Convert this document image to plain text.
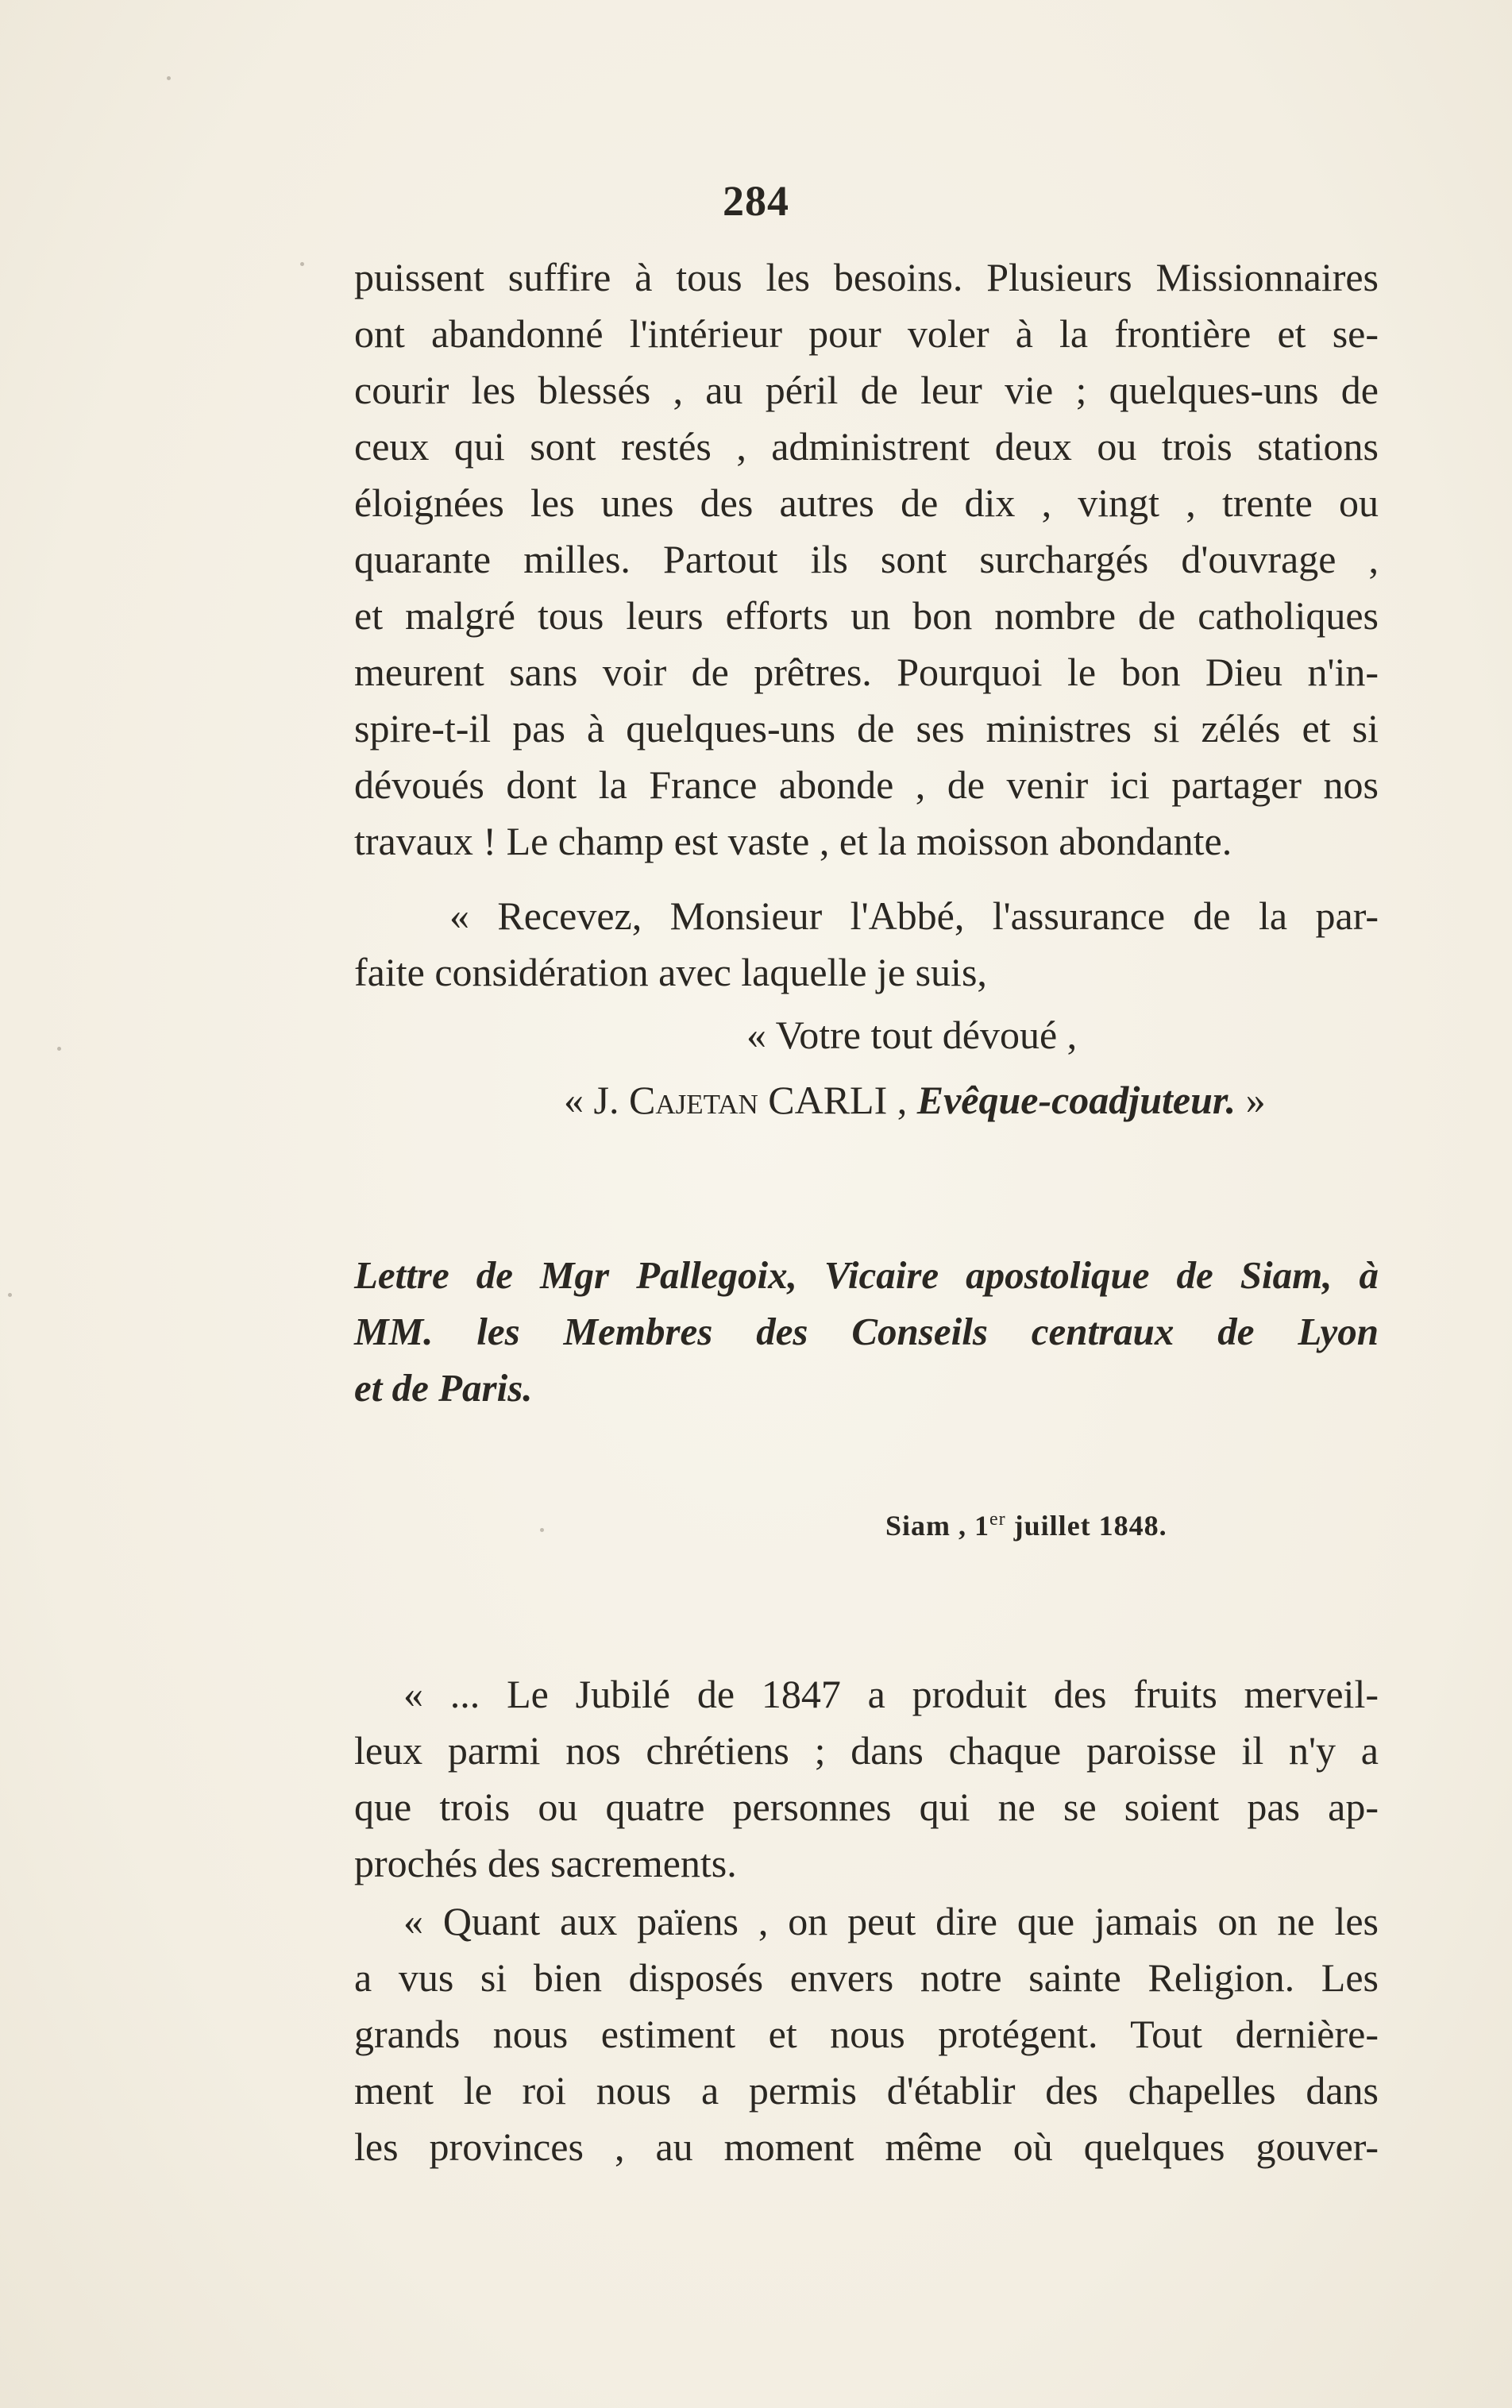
284

puissent suffire à tous les besoins. Plusieurs Missionnaires
ont abandonné l'intérieur pour voler à la frontière et se-
courir les blessés , au péril de leur vie ; quelques-uns de
ceux qui sont restés , administrent deux ou trois stations
éloignées les unes des autres de dix , vingt , trente ou
quarante milles. Partout ils sont surchargés d'ouvrage ,
et malgré tous leurs efforts un bon nombre de catholiques
meurent sans voir de prêtres. Pourquoi le bon Dieu n'in-
spire-t-il pas à quelques-uns de ses ministres si zélés et si
dévoués dont la France abonde , de venir ici partager nos
travaux ! Le champ est vaste , et la moisson abondante.

« Recevez, Monsieur l'Abbé, l'assurance de la par-
faite considération avec laquelle je suis,

« Votre tout dévoué ,
« J. Cajetan CARLI , Evêque-coadjuteur. »
Lettre de Mgr Pallegoix, Vicaire apostolique de Siam, à
MM. les Membres des Conseils centraux de Lyon
et de Paris.
Siam , 1er juillet 1848.

« ... Le Jubilé de 1847 a produit des fruits merveil-
leux parmi nos chrétiens ; dans chaque paroisse il n'y a
que trois ou quatre personnes qui ne se soient pas ap-
prochés des sacrements.

« Quant aux païens , on peut dire que jamais on ne les
a vus si bien disposés envers notre sainte Religion. Les
grands nous estiment et nous protégent. Tout dernière-
ment le roi nous a permis d'établir des chapelles dans
les provinces , au moment même où quelques gouver-
